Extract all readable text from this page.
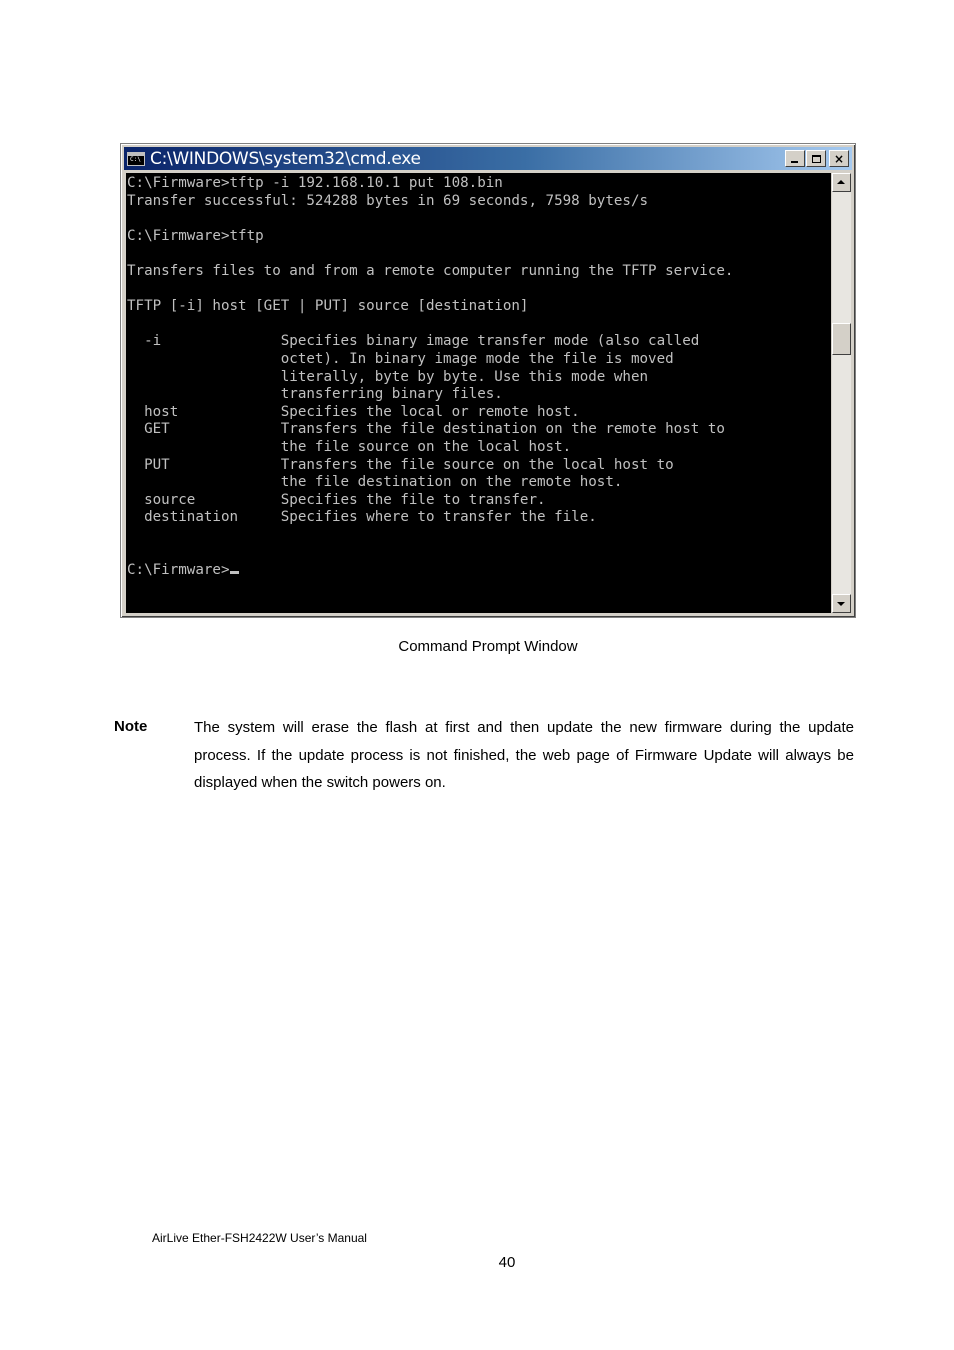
C:\
C:\WINDOWS\system32\cmd.exe	×
C:\Firmware>tftp -i 192.168.10.1 put 108.bin
Transfer successful: 524288 bytes in 69 seconds, 7598 bytes/s

C:\Firmware>tftp

Transfers files to and from a remote computer running the TFTP service.

TFTP [-i] host [GET | PUT] source [destination]

-i              Specifies binary image transfer mode (also called
octet). In binary image mode the file is moved
literally, byte by byte. Use this mode when
transferring binary files.
host            Specifies the local or remote host.
GET             Transfers the file destination on the remote host to
the file source on the local host.
PUT             Transfers the file source on the local host to
the file destination on the remote host.
source          Specifies the file to transfer.
destination     Specifies where to transfer the file.

C:\Firmware>
Command Prompt Window
Note	The system will erase the flash at first and then update the new firmware during the update process. If the update process is not finished, the web page of Firmware Update will always be displayed when the switch powers on.
AirLive Ether-FSH2422W User’s Manual
40
